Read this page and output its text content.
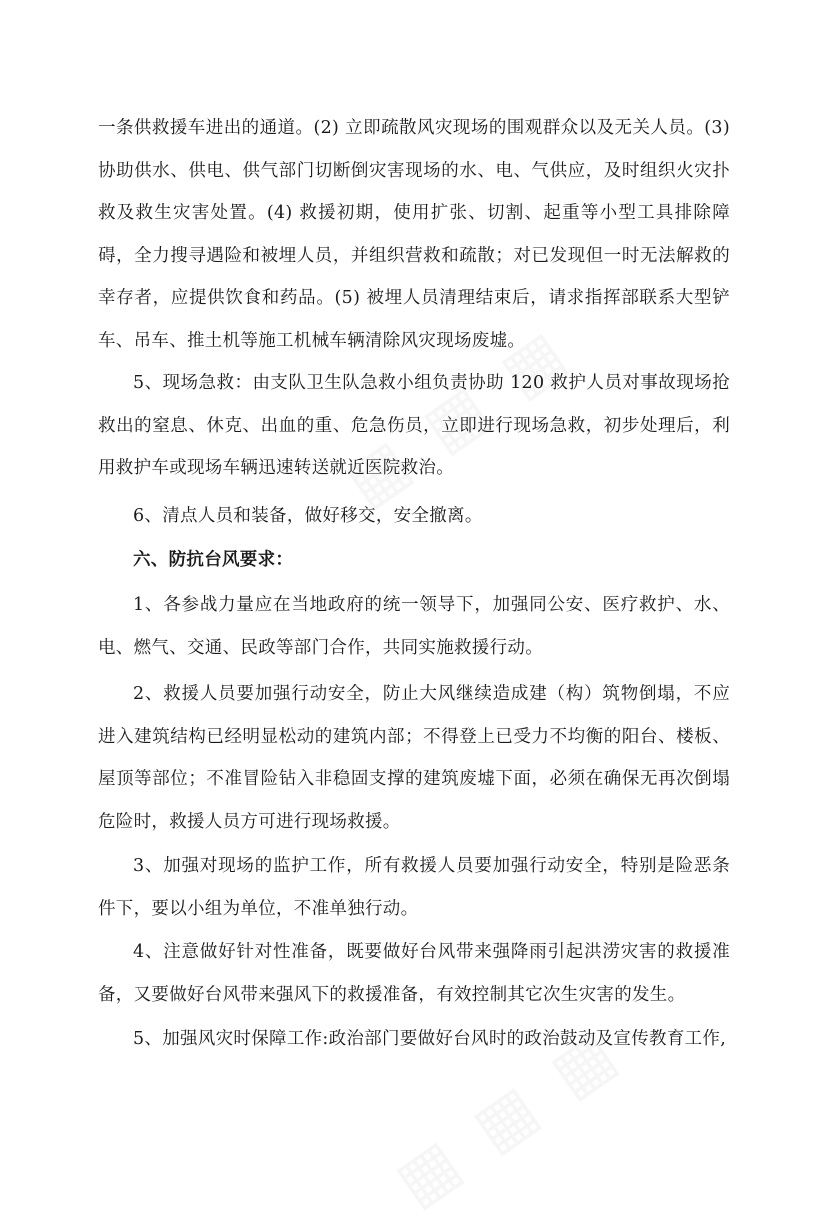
一条供救援车进出的通道。(2) 立即疏散风灾现场的围观群众以及无关人员。(3) 协助供水、供电、供气部门切断倒灾害现场的水、电、气供应，及时组织火灾扑救及救生灾害处置。(4) 救援初期，使用扩张、切割、起重等小型工具排除障碍，全力搜寻遇险和被埋人员，并组织营救和疏散；对已发现但一时无法解救的幸存者，应提供饮食和药品。(5) 被埋人员清理结束后，请求指挥部联系大型铲车、吊车、推土机等施工机械车辆清除风灾现场废墟。

5、现场急救：由支队卫生队急救小组负责协助 120 救护人员对事故现场抢救出的窒息、休克、出血的重、危急伤员，立即进行现场急救，初步处理后，利用救护车或现场车辆迅速转送就近医院救治。

6、清点人员和装备，做好移交，安全撤离。

六、防抗台风要求：

1、各参战力量应在当地政府的统一领导下，加强同公安、医疗救护、水、电、燃气、交通、民政等部门合作，共同实施救援行动。

2、救援人员要加强行动安全，防止大风继续造成建（构）筑物倒塌，不应进入建筑结构已经明显松动的建筑内部；不得登上已受力不均衡的阳台、楼板、屋顶等部位；不准冒险钻入非稳固支撑的建筑废墟下面，必须在确保无再次倒塌危险时，救援人员方可进行现场救援。

3、加强对现场的监护工作，所有救援人员要加强行动安全，特别是险恶条件下，要以小组为单位，不准单独行动。

4、注意做好针对性准备，既要做好台风带来强降雨引起洪涝灾害的救援准备，又要做好台风带来强风下的救援准备，有效控制其它次生灾害的发生。

5、加强风灾时保障工作:政治部门要做好台风时的政治鼓动及宣传教育工作,
